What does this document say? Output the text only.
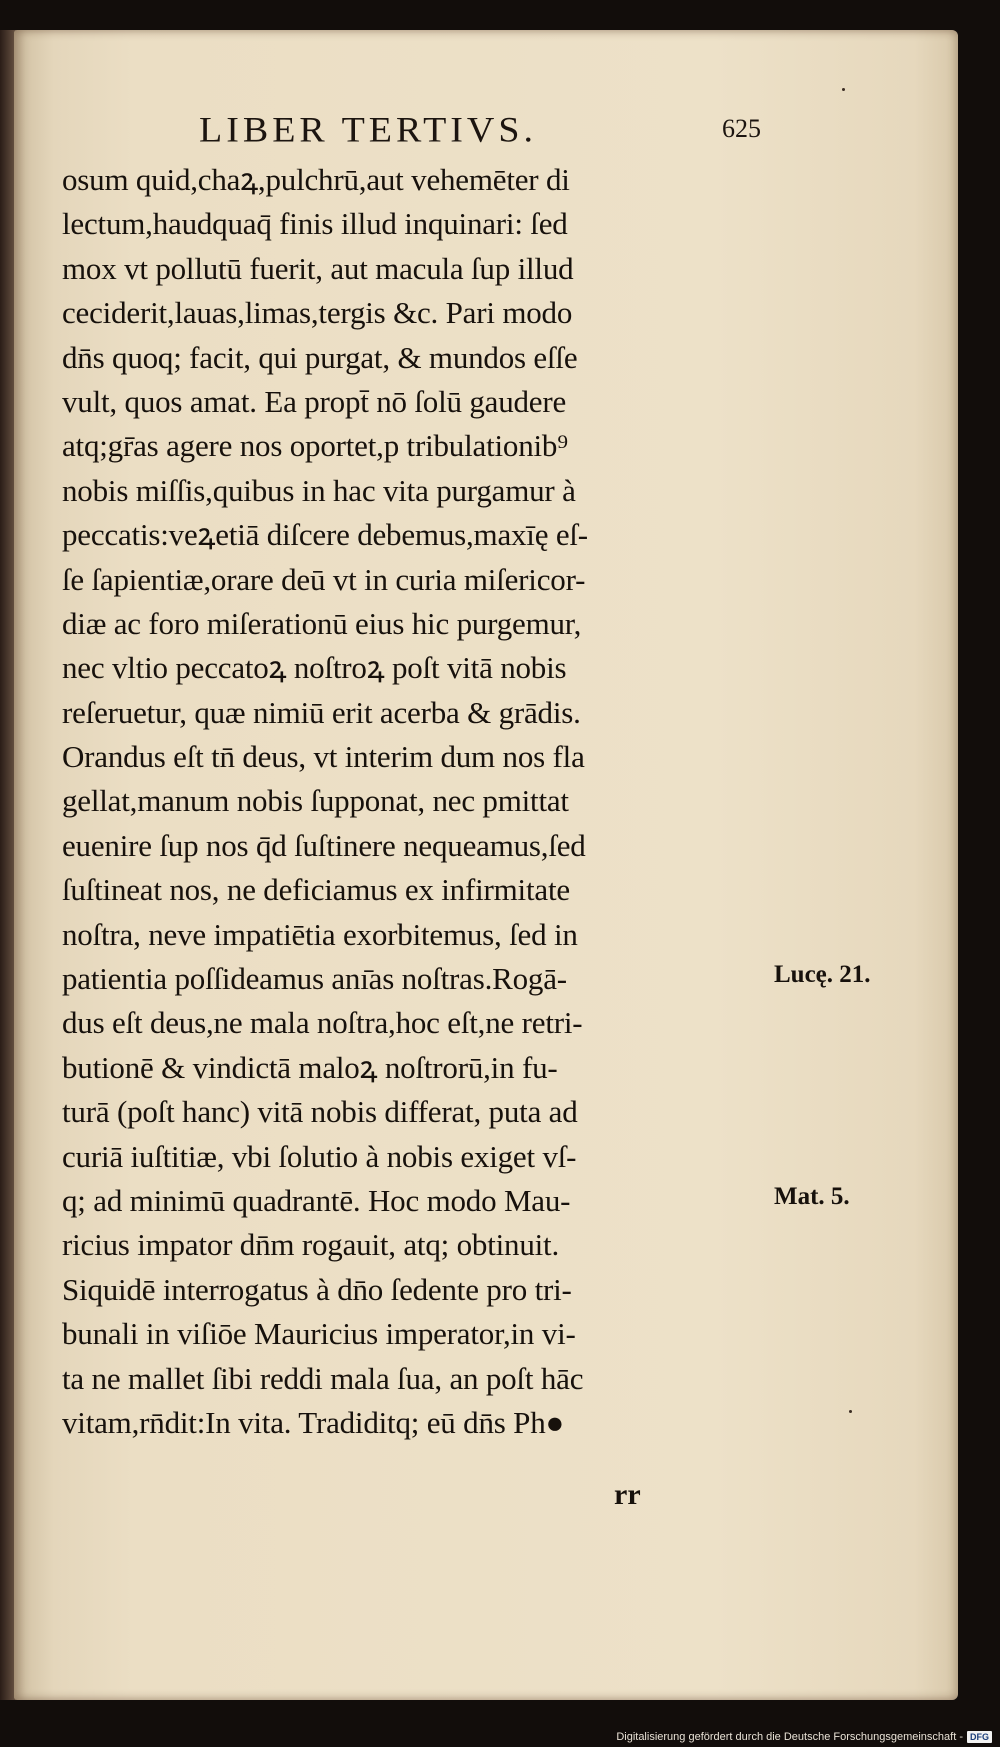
LIBER TERTIVS.	625
osum quid,chaꝝ,pulchrū,aut vehemēter di
lectum,haudquaq̄ finis illud inquinari: ſed
mox vt pollutū fuerit, aut macula ſup illud
ceciderit,lauas,limas,tergis &c. Pari modo
dn̄s quoq; facit, qui purgat, & mundos eſſe
vult, quos amat. Ea propt̄ nō ſolū gaudere
atq;gr̄as agere nos oportet,p tribulationib⁹
nobis miſſis,quibus in hac vita purgamur à
peccatis:veꝝetiā diſcere debemus,maxīę eſ-
ſe ſapientiæ,orare deū vt in curia miſericor-
diæ ac foro miſerationū eius hic purgemur,
nec vltio peccatoꝝ noſtroꝝ poſt vitā nobis
reſeruetur, quæ nimiū erit acerba & grādis.
Orandus eſt tn̄ deus, vt interim dum nos fla
gellat,manum nobis ſupponat, nec pmittat
euenire ſup nos q̄d ſuſtinere nequeamus,ſed
ſuſtineat nos, ne deficiamus ex infirmitate
noſtra, neve impatiētia exorbitemus, ſed in
patientia poſſideamus anı̄as noſtras.Rogā-
dus eſt deus,ne mala noſtra,hoc eſt,ne retri-
butionē & vindictā maloꝝ noſtrorū,in fu-
turā (poſt hanc) vitā nobis differat, puta ad
curiā iuſtitiæ, vbi ſolutio à nobis exiget vſ-
q; ad minimū quadrantē. Hoc modo Mau-
ricius impator dn̄m rogauit, atq; obtinuit.
Siquidē interrogatus à dn̄o ſedente pro tri-
bunali in viſiōe Mauricius imperator,in vi-
ta ne mallet ſibi reddi mala ſua, an poſt hāc
vitam,rn̄dit:In vita. Tradiditq; eū dn̄s Ph●
Lucę. 21.
Mat. 5.
rr
Digitalisierung gefördert durch die Deutsche Forschungsgemeinschaft - DFG
